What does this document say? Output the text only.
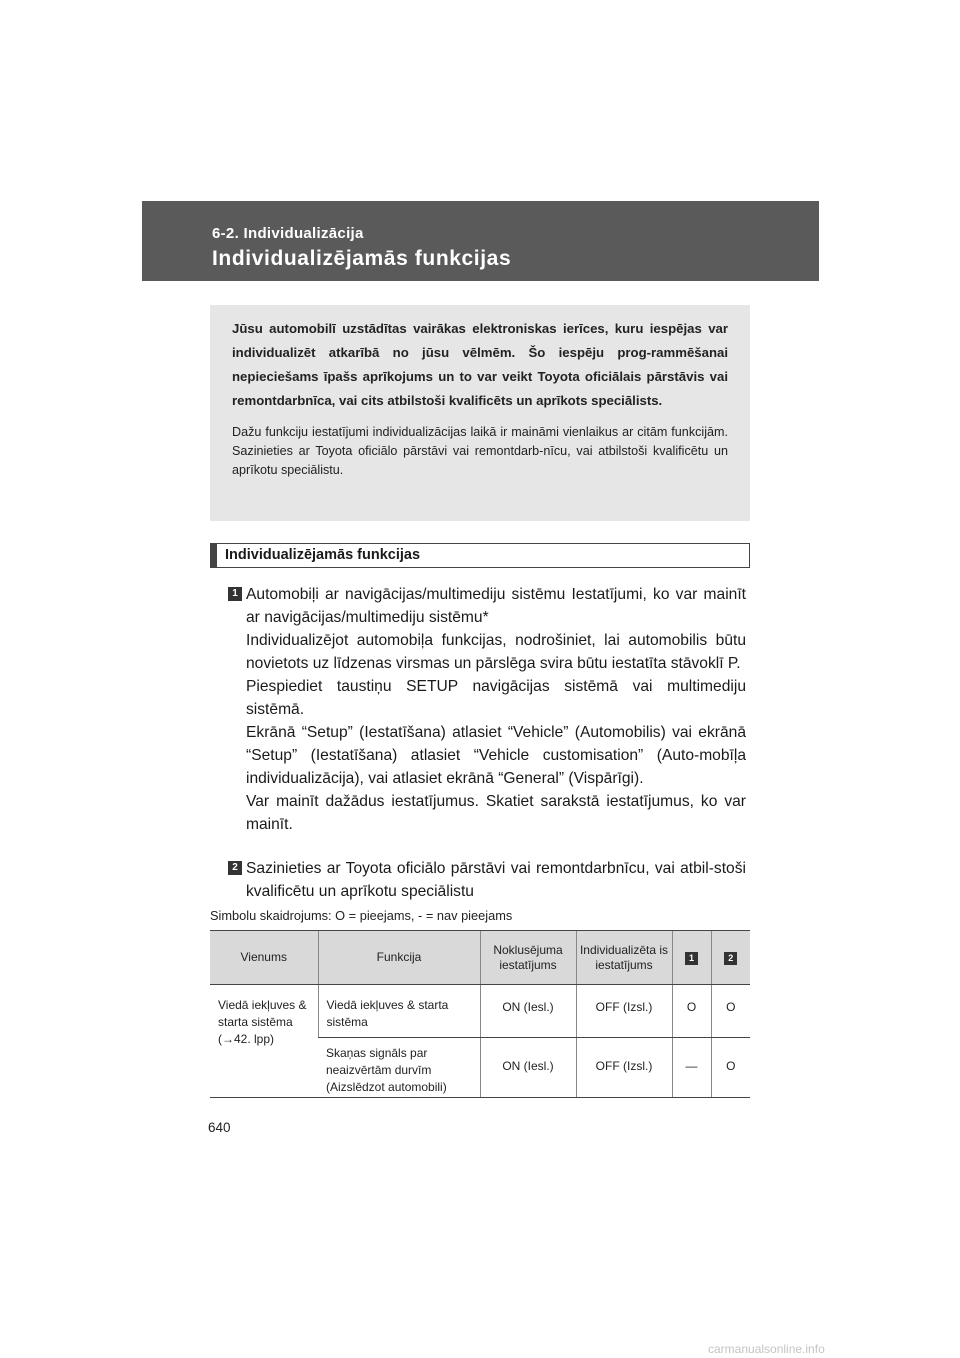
6-2. Individualizācija
Individualizējamās funkcijas

Jūsu automobilī uzstādītas vairākas elektroniskas ierīces, kuru iespējas var individualizēt atkarībā no jūsu vēlmēm. Šo iespēju prog-rammēšanai nepieciešams īpašs aprīkojums un to var veikt Toyota oficiālais pārstāvis vai remontdarbnīca, vai cits atbilstoši kvalificēts un aprīkots speciālists.

Dažu funkciju iestatījumi individualizācijas laikā ir maināmi vienlaikus ar citām funkcijām. Sazinieties ar Toyota oficiālo pārstāvi vai remontdarb-nīcu, vai atbilstoši kvalificētu un aprīkotu speciālistu.

Individualizējamās funkcijas
1 Automobiļi ar navigācijas/multimediju sistēmu Iestatījumi, ko var mainīt ar navigācijas/multimediju sistēmu*

Individualizējot automobiļa funkcijas, nodrošiniet, lai automobilis būtu novietots uz līdzenas virsmas un pārslēga svira būtu iestatīta stāvoklī P.

Piespiediet taustiņu SETUP navigācijas sistēmā vai multimediju sistēmā.

Ekrānā “Setup” (Iestatīšana) atlasiet “Vehicle” (Automobilis) vai ekrānā “Setup” (Iestatīšana) atlasiet “Vehicle customisation” (Auto-mobīļa individualizācija), vai atlasiet ekrānā “General” (Vispārīgi).

Var mainīt dažādus iestatījumus. Skatiet sarakstā iestatījumus, ko var mainīt.

2 Sazinieties ar Toyota oficiālo pārstāvi vai remontdarbnīcu, vai atbil-stoši kvalificētu un aprīkotu speciālistu

Simbolu skaidrojums: O = pieejams, - = nav pieejams
Vienums	Funkcija	Noklusējuma iestatījums	Individualizēta is iestatījums	1	2

Viedā iekļuves & starta sistēma
(→42. lpp)	Viedā iekļuves & starta sistēma	ON (Iesl.)	OFF (Izsl.)	O	O
	Skaņas signāls par neaizvērtām durvīm (Aizslēdzot automobili)	ON (Iesl.)	OFF (Izsl.)	—	O
640
carmanualsonline.info
